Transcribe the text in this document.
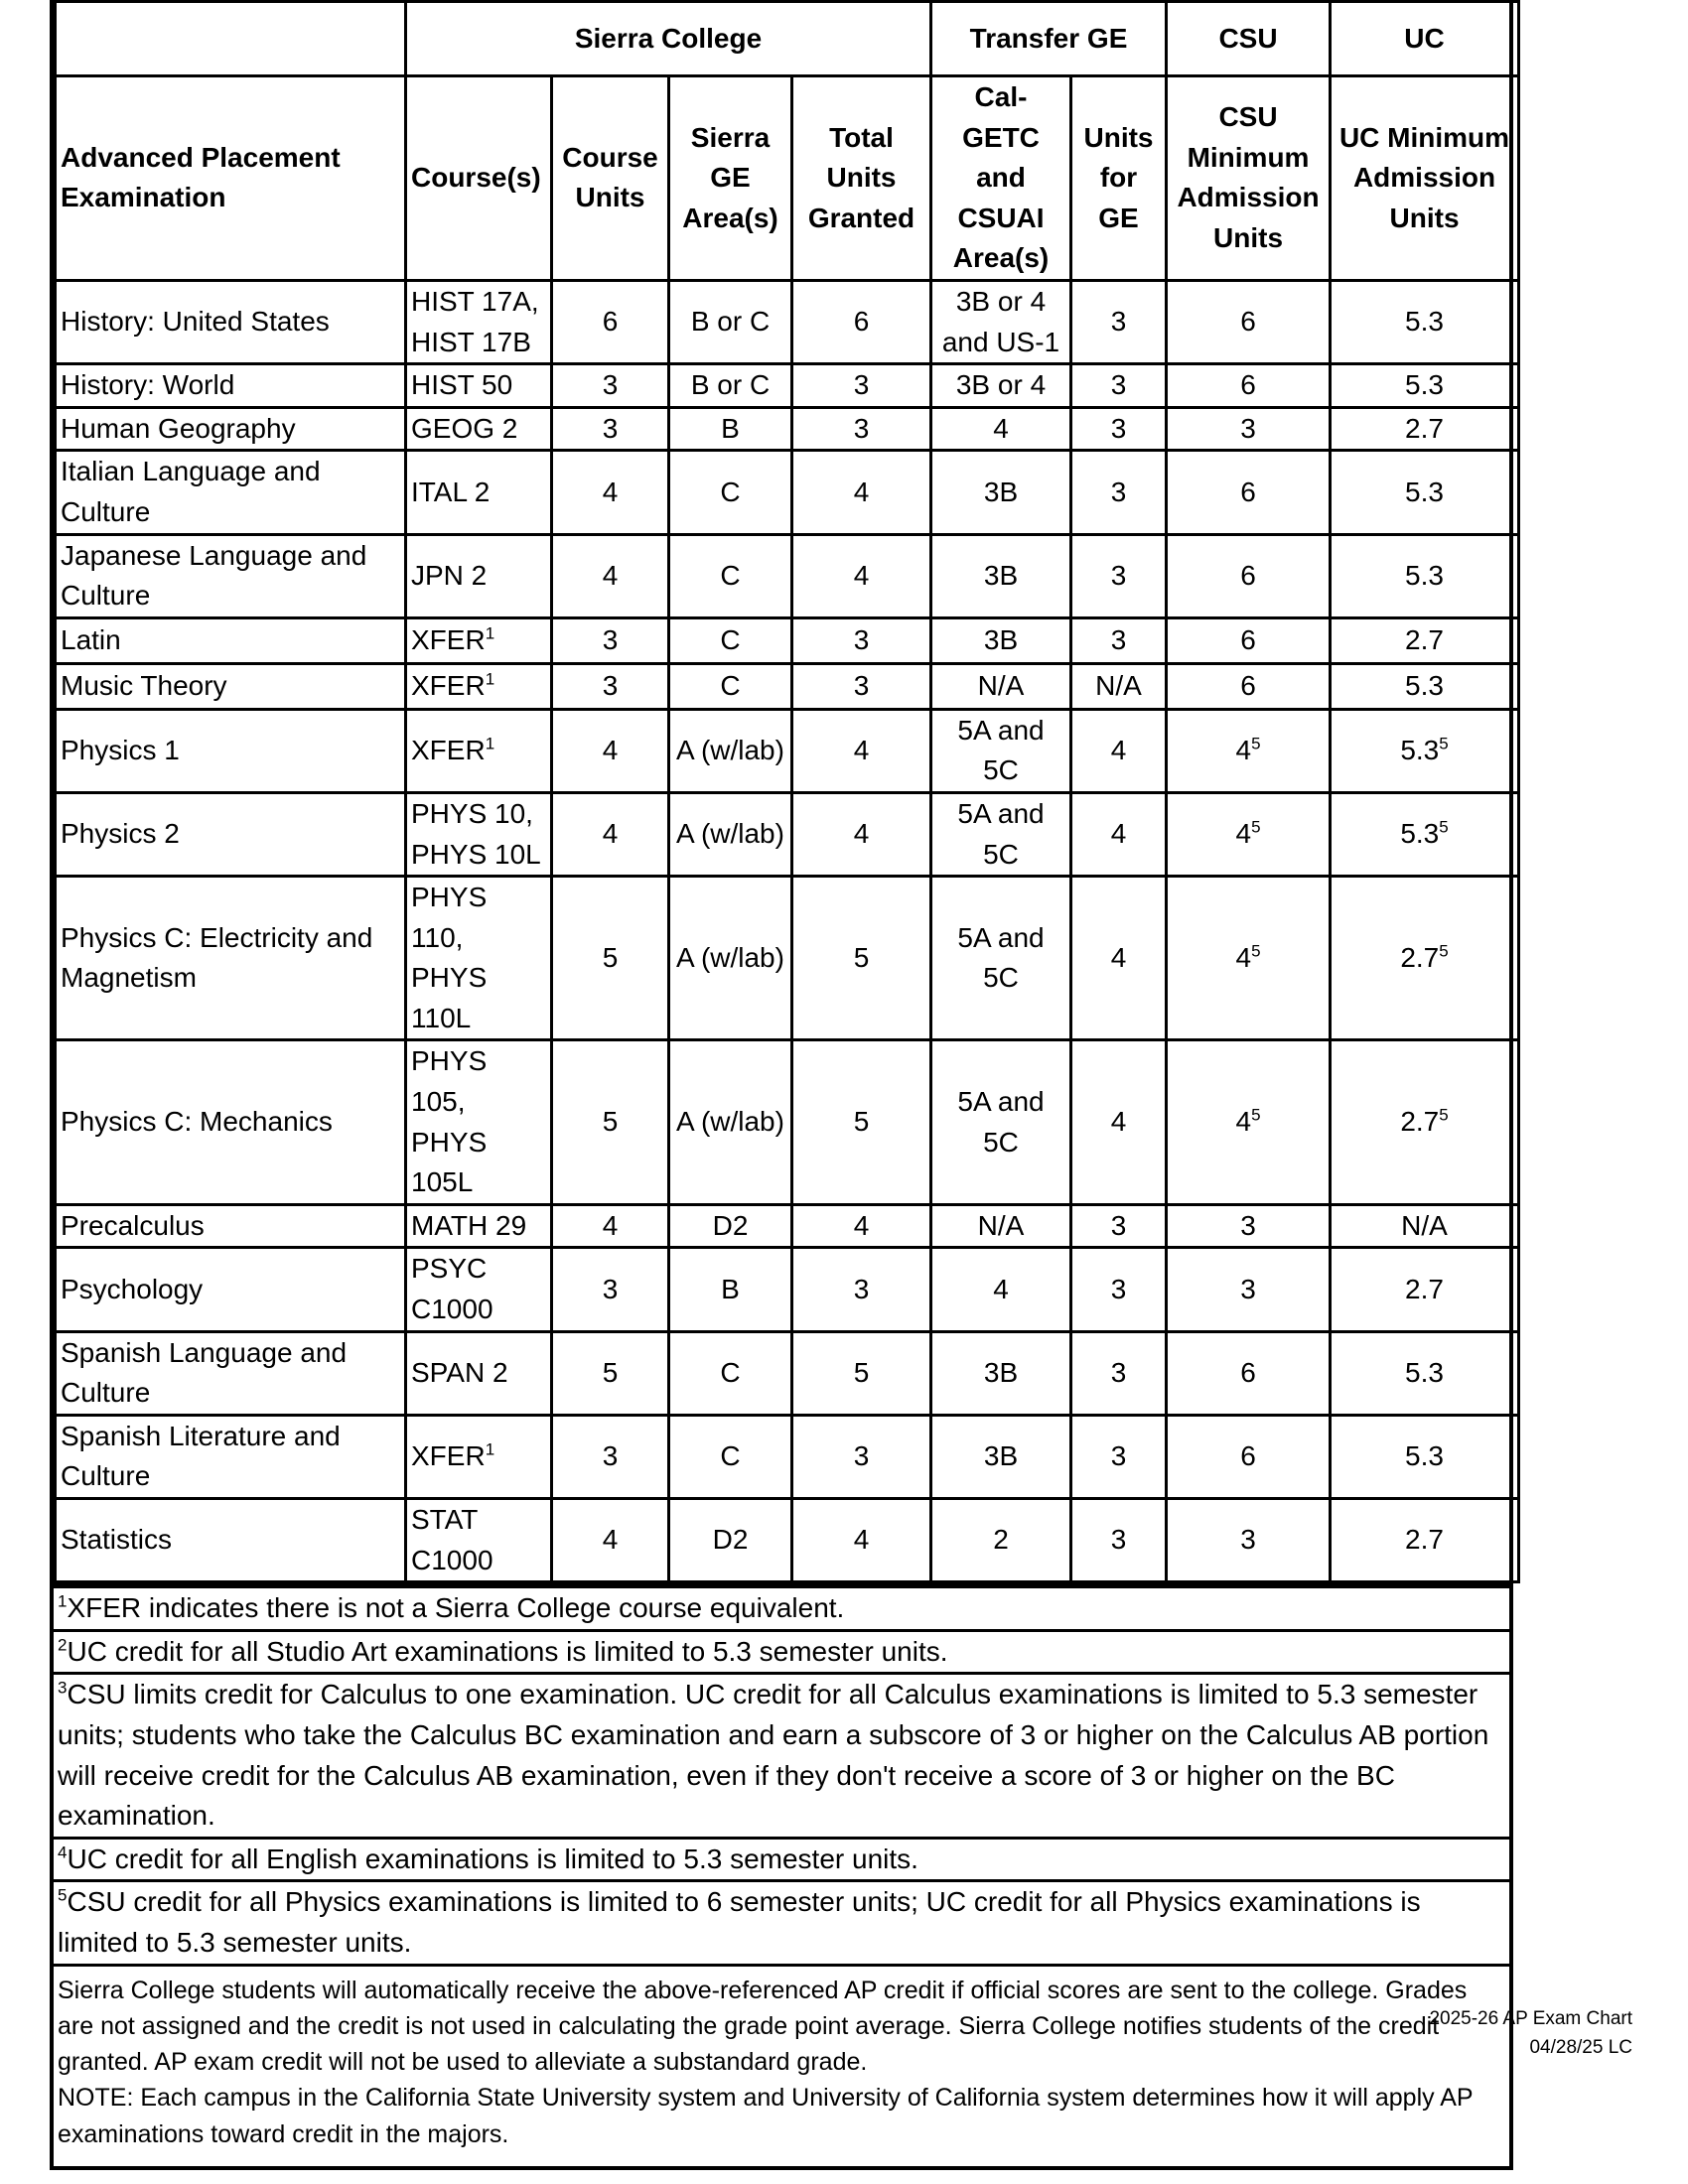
	Sierra College				Transfer GE		CSU	UC
Advanced Placement Examination	Course(s)	Course Units	Sierra GE Area(s)	Total Units Granted	Cal-GETC and CSUAI Area(s)	Units for GE	CSU Minimum Admission Units	UC Minimum Admission Units
History: United States	HIST 17A, HIST 17B	6	B or C	6	3B or 4 and US-1	3	6	5.3
History: World	HIST 50	3	B or C	3	3B or 4	3	6	5.3
Human Geography	GEOG 2	3	B	3	4	3	3	2.7
Italian Language and Culture	ITAL 2	4	C	4	3B	3	6	5.3
Japanese Language and Culture	JPN 2	4	C	4	3B	3	6	5.3
Latin	XFER$^1$	3	C	3	3B	3	6	2.7
Music Theory	XFER$^1$	3	C	3	N/A	N/A	6	5.3
Physics 1	XFER$^1$	4	A (w/lab)	4	5A and 5C	4	$4^5$	$5.3^5$
Physics 2	PHYS 10, PHYS 10L	4	A (w/lab)	4	5A and 5C	4	$4^5$	$5.3^5$
Physics C: Electricity and Magnetism	PHYS 110, PHYS 110L	5	A (w/lab)	5	5A and 5C	4	$4^5$	$2.7^5$
Physics C: Mechanics	PHYS 105, PHYS 105L	5	A (w/lab)	5	5A and 5C	4	$4^5$	$2.7^5$
Precalculus	MATH 29	4	D2	4	N/A	3	3	N/A
Psychology	PSYC C1000	3	B	3	4	3	3	2.7
Spanish Language and Culture	SPAN 2	5	C	5	3B	3	6	5.3
Spanish Literature and Culture	XFER$^1$	3	C	3	3B	3	6	5.3
Statistics	STAT C1000	4	D2	4	2	3	3	2.7
$^1$XFER indicates there is not a Sierra College course equivalent.
$^2$UC credit for all Studio Art examinations is limited to 5.3 semester units.
$^3$CSU limits credit for Calculus to one examination. UC credit for all Calculus examinations is limited to 5.3 semester units; students who take the Calculus BC examination and earn a subscore of 3 or higher on the Calculus AB portion will receive credit for the Calculus AB examination, even if they don't receive a score of 3 or higher on the BC examination.
$^4$UC credit for all English examinations is limited to 5.3 semester units.
$^5$CSU credit for all Physics examinations is limited to 6 semester units; UC credit for all Physics examinations is limited to 5.3 semester units.

Sierra College students will automatically receive the above-referenced AP credit if official scores are sent to the college. Grades are not assigned and the credit is not used in calculating the grade point average. Sierra College notifies students of the credit granted. AP exam credit will not be used to alleviate a substandard grade.

NOTE: Each campus in the California State University system and University of California system determines how it will apply AP examinations toward credit in the majors.

2025-26 AP Exam Chart
04/28/25 LC
